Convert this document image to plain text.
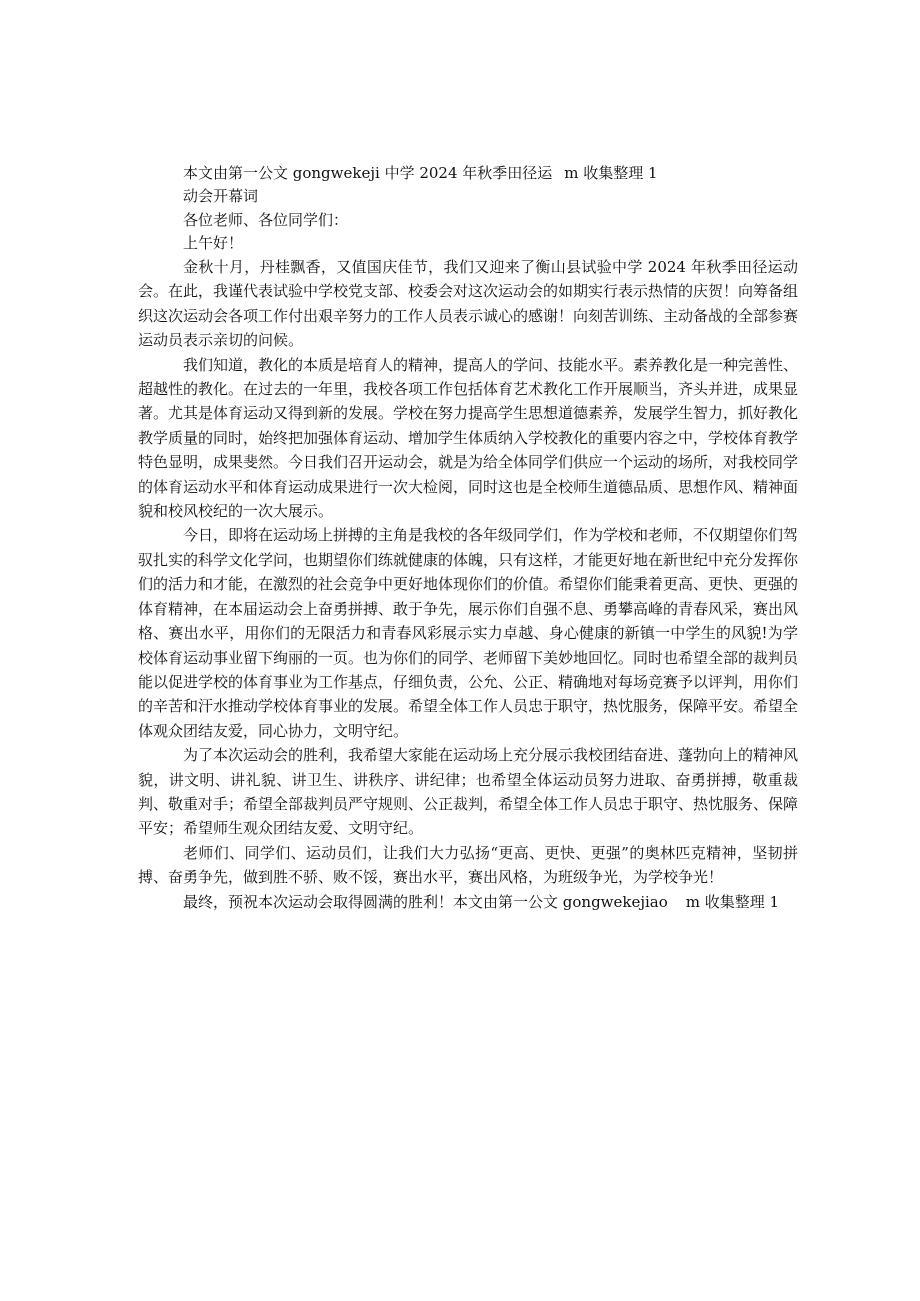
本文由第一公文 gongwekeji 中学 2024 年秋季田径运 m 收集整理 1
动会开幕词
各位老师、各位同学们：
上午好！

金秋十月，丹桂飘香，又值国庆佳节，我们又迎来了衡山县试验中学 2024 年秋季田径运动会。在此，我谨代表试验中学校党支部、校委会对这次运动会的如期实行表示热情的庆贺！向筹备组织这次运动会各项工作付出艰辛努力的工作人员表示诚心的感谢！向刻苦训练、主动备战的全部参赛运动员表示亲切的问候。

我们知道，教化的本质是培育人的精神，提高人的学问、技能水平。素养教化是一种完善性、超越性的教化。在过去的一年里，我校各项工作包括体育艺术教化工作开展顺当，齐头并进，成果显著。尤其是体育运动又得到新的发展。学校在努力提高学生思想道德素养，发展学生智力，抓好教化教学质量的同时，始终把加强体育运动、增加学生体质纳入学校教化的重要内容之中，学校体育教学特色显明，成果斐然。今日我们召开运动会，就是为给全体同学们供应一个运动的场所，对我校同学的体育运动水平和体育运动成果进行一次大检阅，同时这也是全校师生道德品质、思想作风、精神面貌和校风校纪的一次大展示。

今日，即将在运动场上拼搏的主角是我校的各年级同学们，作为学校和老师，不仅期望你们驾驭扎实的科学文化学问，也期望你们练就健康的体魄，只有这样，才能更好地在新世纪中充分发挥你们的活力和才能，在激烈的社会竞争中更好地体现你们的价值。希望你们能秉着更高、更快、更强的体育精神，在本届运动会上奋勇拼搏、敢于争先，展示你们自强不息、勇攀高峰的青春风采，赛出风格、赛出水平，用你们的无限活力和青春风彩展示实力卓越、身心健康的新镇一中学生的风貌!为学校体育运动事业留下绚丽的一页。也为你们的同学、老师留下美妙地回忆。同时也希望全部的裁判员能以促进学校的体育事业为工作基点，仔细负责，公允、公正、精确地对每场竞赛予以评判，用你们的辛苦和汗水推动学校体育事业的发展。希望全体工作人员忠于职守，热忱服务，保障平安。希望全体观众团结友爱，同心协力，文明守纪。

为了本次运动会的胜利，我希望大家能在运动场上充分展示我校团结奋进、蓬勃向上的精神风貌，讲文明、讲礼貌、讲卫生、讲秩序、讲纪律；也希望全体运动员努力进取、奋勇拼搏，敬重裁判、敬重对手；希望全部裁判员严守规则、公正裁判，希望全体工作人员忠于职守、热忱服务、保障平安；希望师生观众团结友爱、文明守纪。

老师们、同学们、运动员们，让我们大力弘扬“更高、更快、更强”的奥林匹克精神，坚韧拼搏、奋勇争先，做到胜不骄、败不馁，赛出水平，赛出风格，为班级争光，为学校争光！

最终，预祝本次运动会取得圆满的胜利！本文由第一公文 gongwekejiao m 收集整理 1
